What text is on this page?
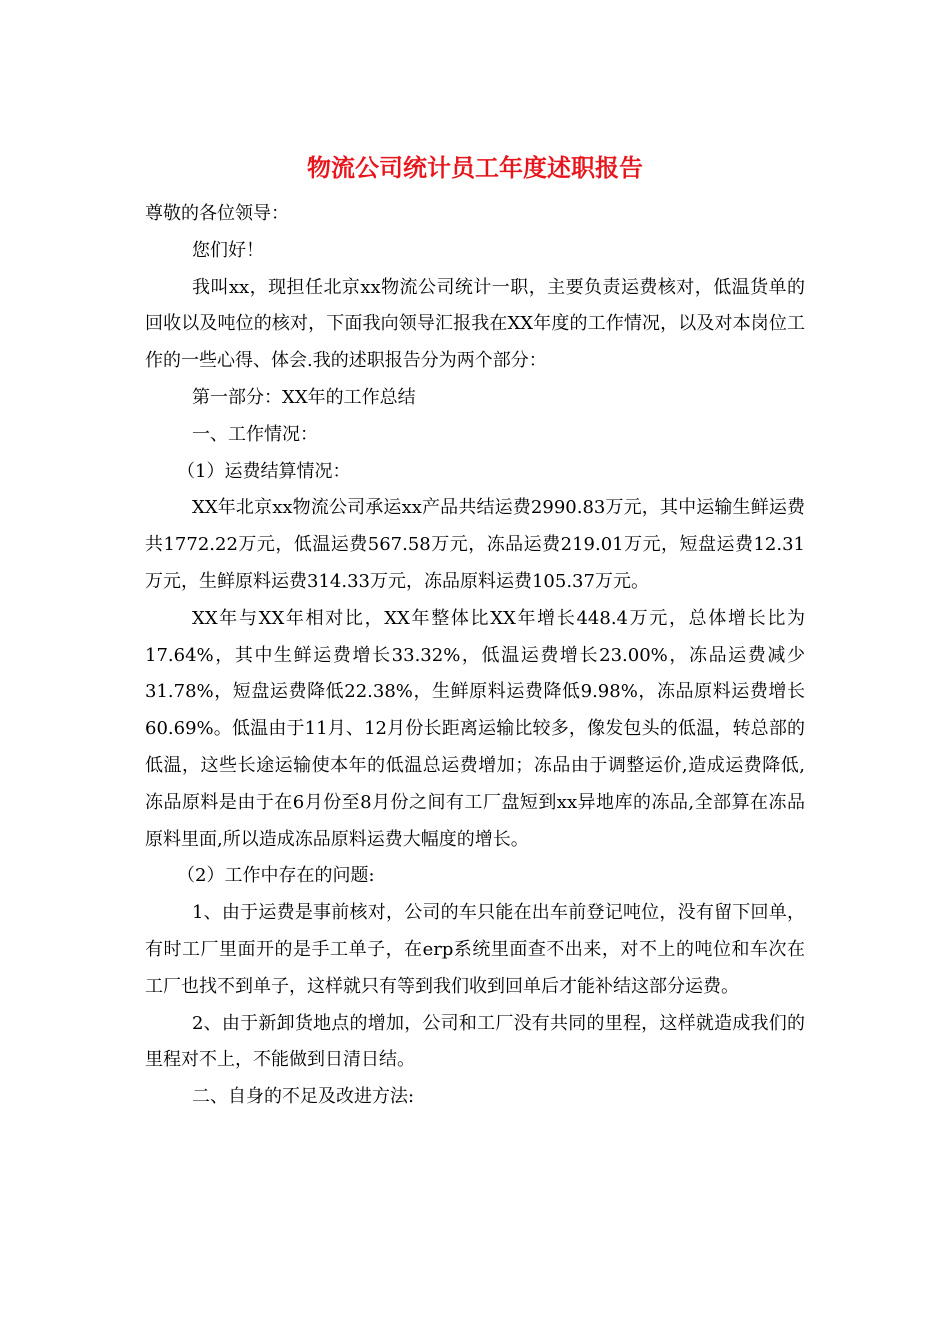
物流公司统计员工年度述职报告

尊敬的各位领导：

您们好！

我叫xx，现担任北京xx物流公司统计一职，主要负责运费核对，低温货单的回收以及吨位的核对，下面我向领导汇报我在XX年度的工作情况，以及对本岗位工作的一些心得、体会.我的述职报告分为两个部分：

第一部分：XX年的工作总结

一、工作情况：

（1）运费结算情况：

XX年北京xx物流公司承运xx产品共结运费2990.83万元，其中运输生鲜运费共1772.22万元，低温运费567.58万元，冻品运费219.01万元，短盘运费12.31万元，生鲜原料运费314.33万元，冻品原料运费105.37万元。

XX年与XX年相对比，XX年整体比XX年增长448.4万元，总体增长比为17.64%，其中生鲜运费增长33.32%，低温运费增长23.00%，冻品运费减少31.78%，短盘运费降低22.38%，生鲜原料运费降低9.98%，冻品原料运费增长60.69%。低温由于11月、12月份长距离运输比较多，像发包头的低温，转总部的低温，这些长途运输使本年的低温总运费增加；冻品由于调整运价,造成运费降低, 冻品原料是由于在6月份至8月份之间有工厂盘短到xx异地库的冻品,全部算在冻品原料里面,所以造成冻品原料运费大幅度的增长。

（2）工作中存在的问题:

1、由于运费是事前核对，公司的车只能在出车前登记吨位，没有留下回单，有时工厂里面开的是手工单子，在erp系统里面查不出来，对不上的吨位和车次在工厂也找不到单子，这样就只有等到我们收到回单后才能补结这部分运费。

2、由于新卸货地点的增加，公司和工厂没有共同的里程，这样就造成我们的里程对不上，不能做到日清日结。

二、自身的不足及改进方法:
